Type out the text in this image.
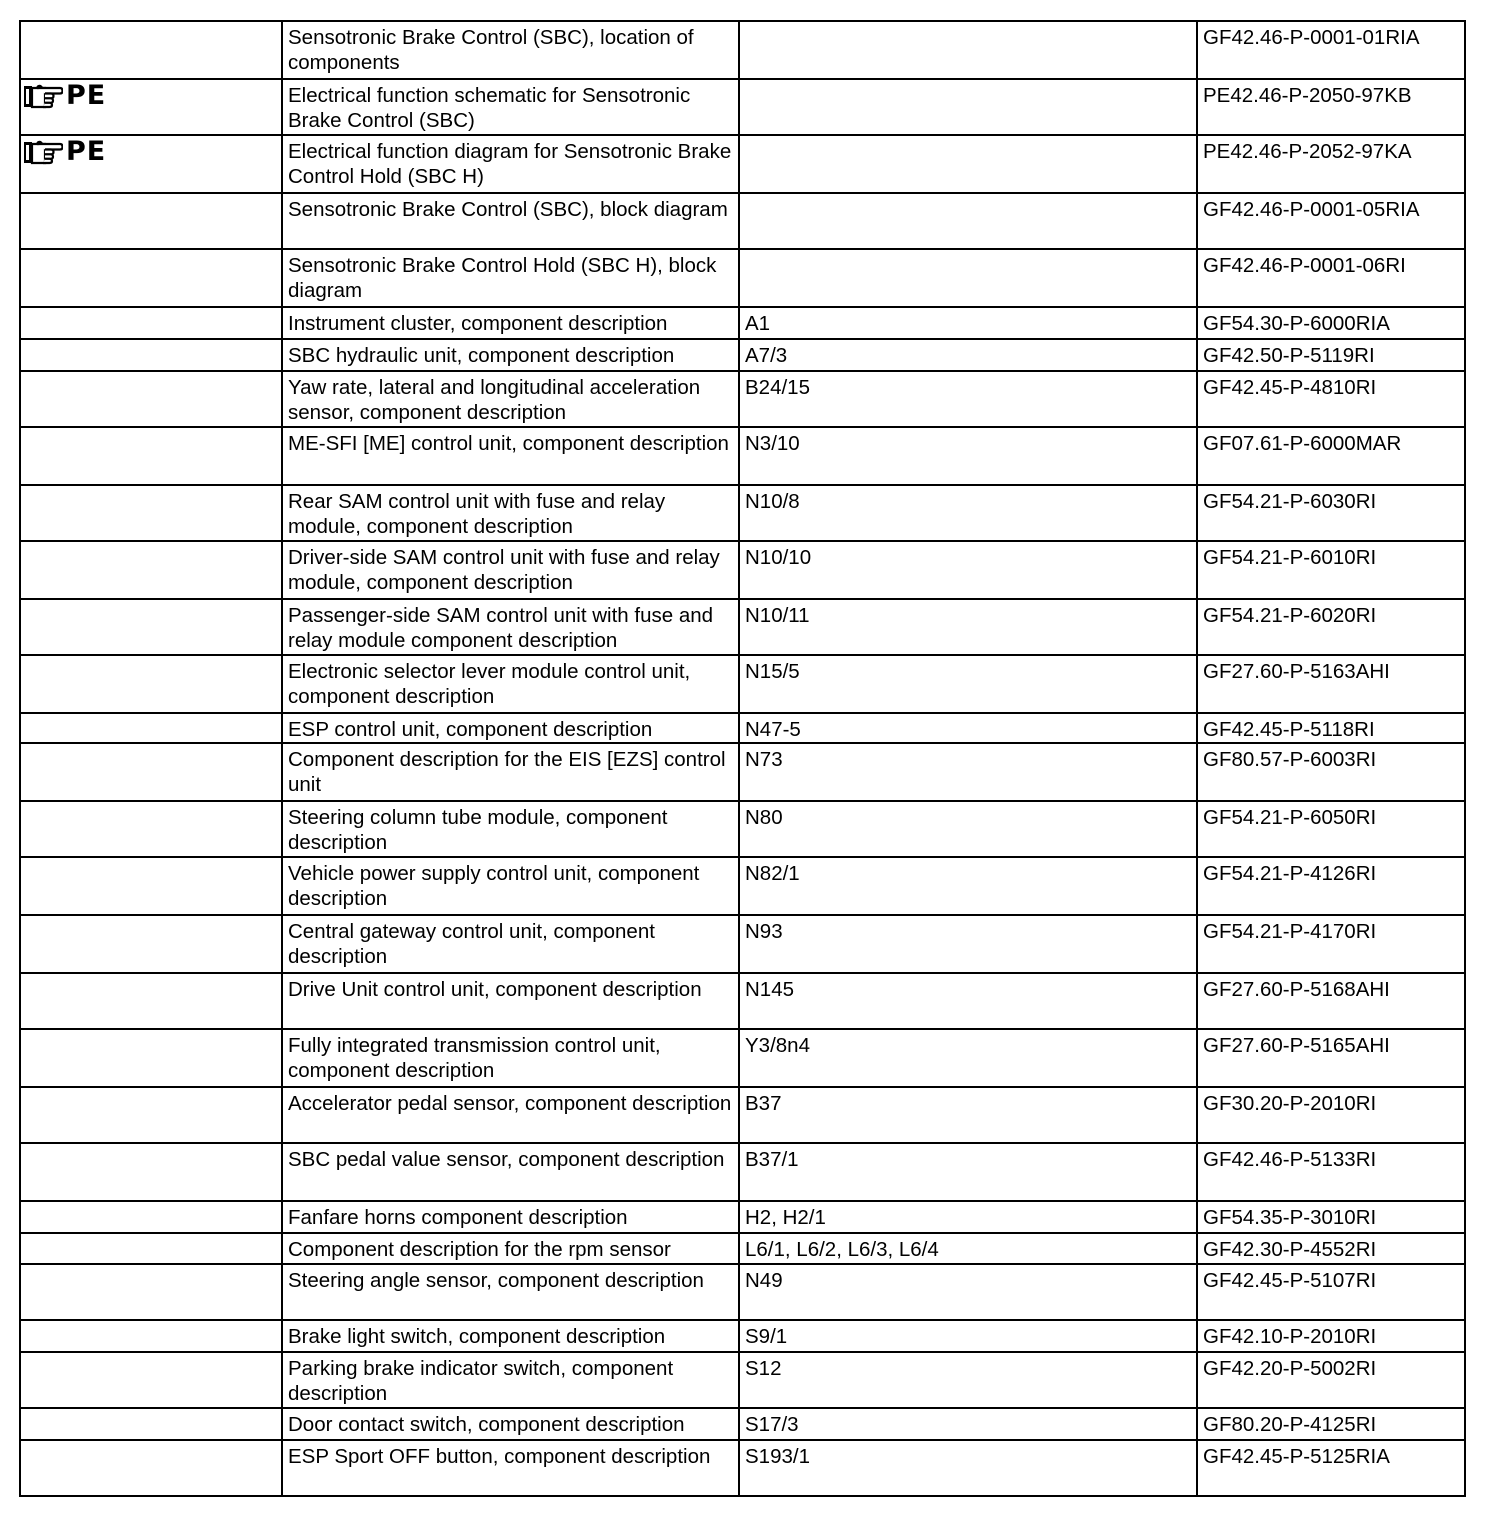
	Sensotronic Brake Control (SBC), location of components		GF42.46-P-0001-01RIA

PE	Electrical function schematic for Sensotronic Brake Control (SBC)		PE42.46-P-2050-97KB

PE	Electrical function diagram for Sensotronic Brake Control Hold (SBC H)		PE42.46-P-2052-97KA
	Sensotronic Brake Control (SBC), block diagram		GF42.46-P-0001-05RIA
	Sensotronic Brake Control Hold (SBC H), block diagram		GF42.46-P-0001-06RI
	Instrument cluster, component description	A1	GF54.30-P-6000RIA
	SBC hydraulic unit, component description	A7/3	GF42.50-P-5119RI
	Yaw rate, lateral and longitudinal acceleration sensor, component description	B24/15	GF42.45-P-4810RI
	ME-SFI [ME] control unit, component description	N3/10	GF07.61-P-6000MAR
	Rear SAM control unit with fuse and relay module, component description	N10/8	GF54.21-P-6030RI
	Driver-side SAM control unit with fuse and relay module, component description	N10/10	GF54.21-P-6010RI
	Passenger-side SAM control unit with fuse and relay module component description	N10/11	GF54.21-P-6020RI
	Electronic selector lever module control unit, component description	N15/5	GF27.60-P-5163AHI
	ESP control unit, component description	N47-5	GF42.45-P-5118RI
	Component description for the EIS [EZS] control unit	N73	GF80.57-P-6003RI
	Steering column tube module, component description	N80	GF54.21-P-6050RI
	Vehicle power supply control unit, component description	N82/1	GF54.21-P-4126RI
	Central gateway control unit, component description	N93	GF54.21-P-4170RI
	Drive Unit control unit, component description	N145	GF27.60-P-5168AHI
	Fully integrated transmission control unit, component description	Y3/8n4	GF27.60-P-5165AHI
	Accelerator pedal sensor, component description	B37	GF30.20-P-2010RI
	SBC pedal value sensor, component description	B37/1	GF42.46-P-5133RI
	Fanfare horns component description	H2, H2/1	GF54.35-P-3010RI
	Component description for the rpm sensor	L6/1, L6/2, L6/3, L6/4	GF42.30-P-4552RI
	Steering angle sensor, component description	N49	GF42.45-P-5107RI
	Brake light switch, component description	S9/1	GF42.10-P-2010RI
	Parking brake indicator switch, component description	S12	GF42.20-P-5002RI
	Door contact switch, component description	S17/3	GF80.20-P-4125RI
	ESP Sport OFF button, component description	S193/1	GF42.45-P-5125RIA
